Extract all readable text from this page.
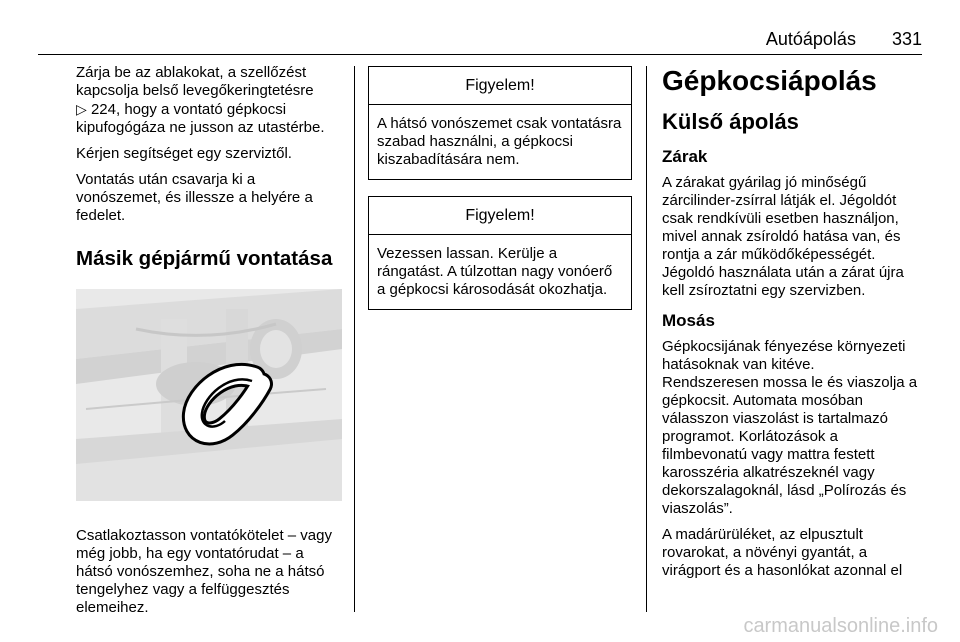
Autóápolás 331

Zárja be az ablakokat, a szellőzést kapcsolja belső levegőkeringtetésre
▷ 224, hogy a vontató gépkocsi kipufogógáza ne jusson az utastérbe.

Kérjen segítséget egy szerviztől.

Vontatás után csavarja ki a vonószemet, és illessze a helyére a fedelet.

Másik gépjármű vontatása

Csatlakoztasson vontatókötelet – vagy még jobb, ha egy vontatórudat – a hátsó vonószemhez, soha ne a hátsó tengelyhez vagy a felfüggesztés elemeihez.

Figyelem!
A hátsó vonószemet csak vontatásra szabad használni, a gépkocsi kiszabadítására nem.
Figyelem!
Vezessen lassan. Kerülje a rángatást. A túlzottan nagy vonóerő a gépkocsi károsodását okozhatja.
Gépkocsiápolás
Külső ápolás
Zárak

A zárakat gyárilag jó minőségű zárcilinder-zsírral látják el. Jégoldót csak rendkívüli esetben használjon, mivel annak zsíroldó hatása van, és rontja a zár működőképességét. Jégoldó használata után a zárat újra kell zsíroztatni egy szervizben.

Mosás

Gépkocsijának fényezése környezeti hatásoknak van kitéve.
Rendszeresen mossa le és viaszolja a gépkocsit. Automata mosóban válasszon viaszolást is tartalmazó programot. Korlátozások a filmbevonatú vagy mattra festett karosszéria alkatrészeknél vagy dekorszalagoknál, lásd „Polírozás és viaszolás”.

A madárürüléket, az elpusztult rovarokat, a növényi gyantát, a virágport és a hasonlókat azonnal el

carmanualsonline.info
